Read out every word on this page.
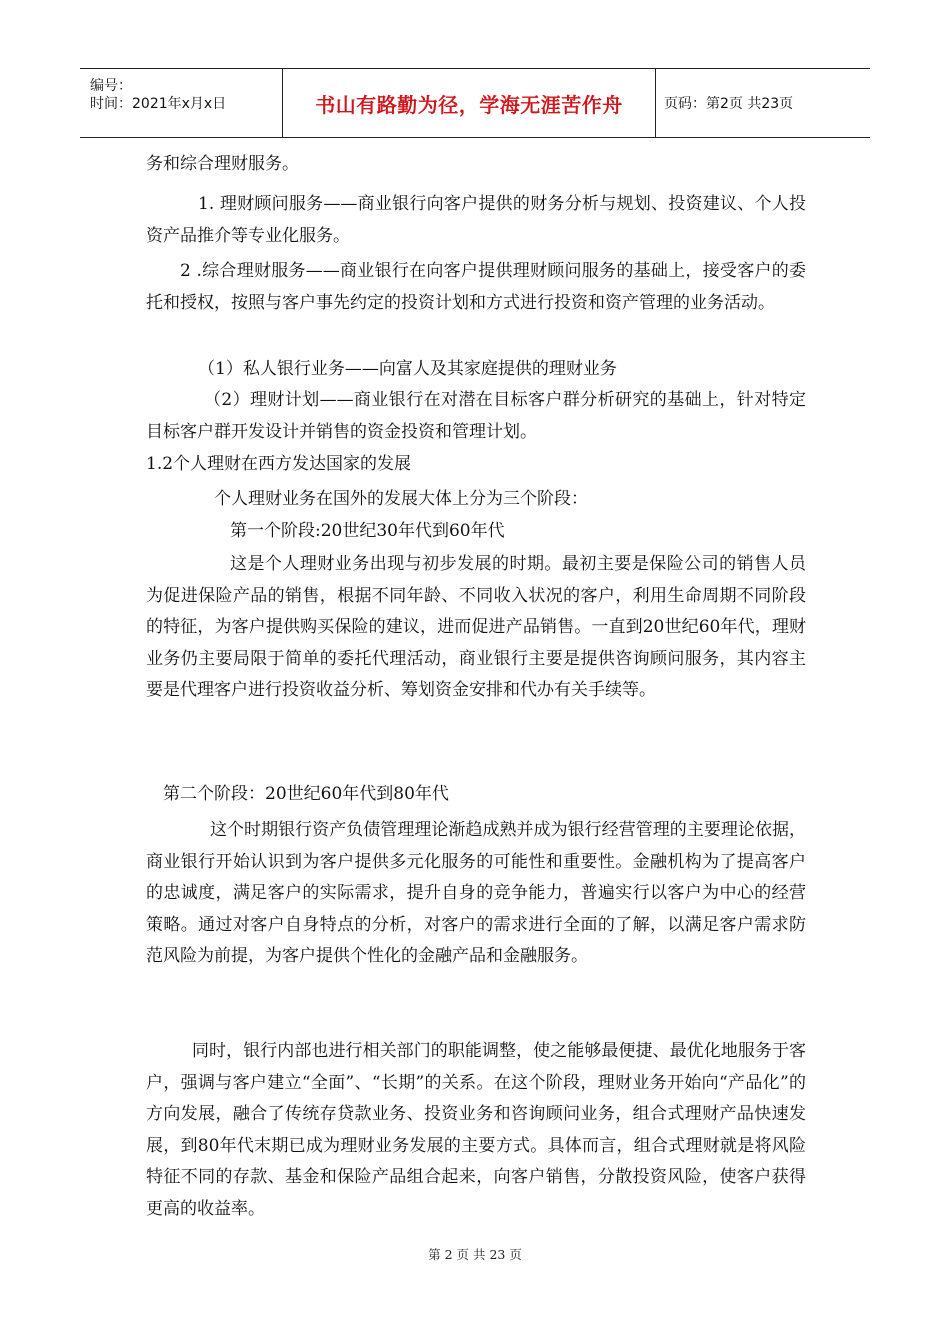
编号：
时间：2021年x月x日	书山有路勤为径，学海无涯苦作舟	页码：第2页 共23页

务和综合理财服务。

1. 理财顾问服务——商业银行向客户提供的财务分析与规划、投资建议、个人投资产品推介等专业化服务。

2 .综合理财服务——商业银行在向客户提供理财顾问服务的基础上，接受客户的委托和授权，按照与客户事先约定的投资计划和方式进行投资和资产管理的业务活动。

（1）私人银行业务——向富人及其家庭提供的理财业务

（2）理财计划——商业银行在对潜在目标客户群分析研究的基础上，针对特定目标客户群开发设计并销售的资金投资和管理计划。

1.2个人理财在西方发达国家的发展

个人理财业务在国外的发展大体上分为三个阶段：

第一个阶段:20世纪30年代到60年代

这是个人理财业务出现与初步发展的时期。最初主要是保险公司的销售人员为促进保险产品的销售，根据不同年龄、不同收入状况的客户，利用生命周期不同阶段的特征，为客户提供购买保险的建议，进而促进产品销售。一直到20世纪60年代，理财业务仍主要局限于简单的委托代理活动，商业银行主要是提供咨询顾问服务，其内容主要是代理客户进行投资收益分析、筹划资金安排和代办有关手续等。

第二个阶段：20世纪60年代到80年代

这个时期银行资产负债管理理论渐趋成熟并成为银行经营管理的主要理论依据，商业银行开始认识到为客户提供多元化服务的可能性和重要性。金融机构为了提高客户的忠诚度，满足客户的实际需求，提升自身的竞争能力，普遍实行以客户为中心的经营策略。通过对客户自身特点的分析，对客户的需求进行全面的了解，以满足客户需求防范风险为前提，为客户提供个性化的金融产品和金融服务。

同时，银行内部也进行相关部门的职能调整，使之能够最便捷、最优化地服务于客户，强调与客户建立“全面”、“长期”的关系。在这个阶段，理财业务开始向“产品化”的方向发展，融合了传统存贷款业务、投资业务和咨询顾问业务，组合式理财产品快速发展，到80年代末期已成为理财业务发展的主要方式。具体而言，组合式理财就是将风险特征不同的存款、基金和保险产品组合起来，向客户销售，分散投资风险，使客户获得更高的收益率。

第 2 页 共 23 页
